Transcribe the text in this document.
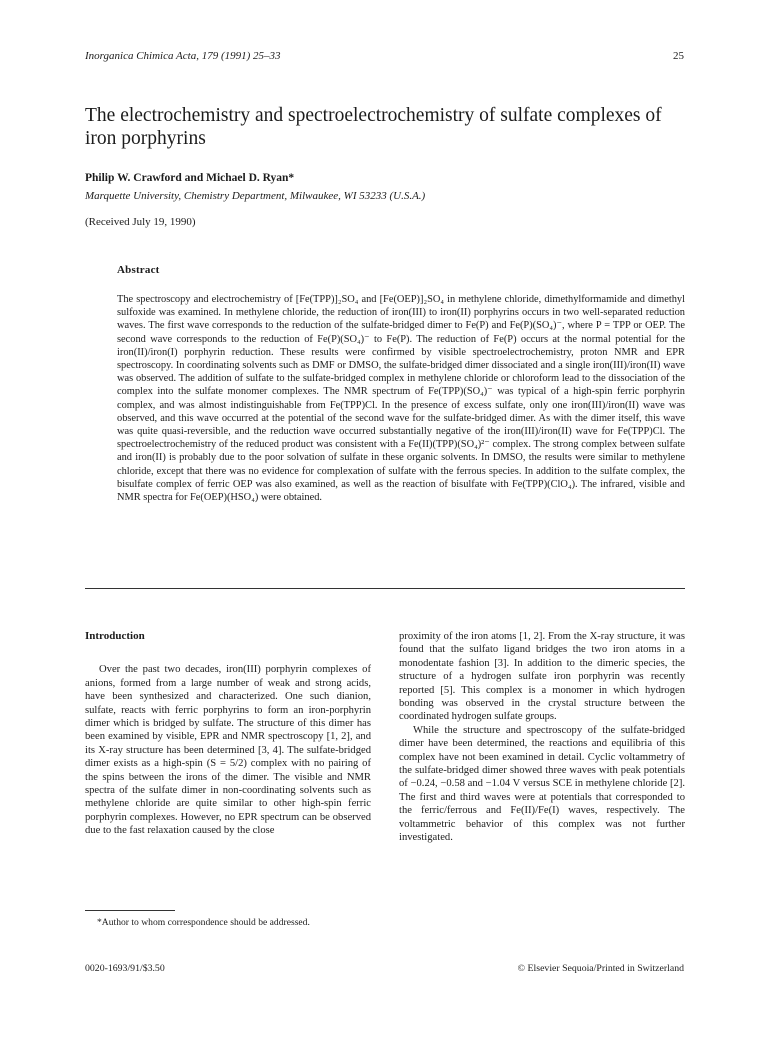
Inorganica Chimica Acta, 179 (1991) 25–33	25
The electrochemistry and spectroelectrochemistry of sulfate complexes of iron porphyrins
Philip W. Crawford and Michael D. Ryan*
Marquette University, Chemistry Department, Milwaukee, WI 53233 (U.S.A.)
(Received July 19, 1990)
Abstract
The spectroscopy and electrochemistry of [Fe(TPP)]₂SO₄ and [Fe(OEP)]₂SO₄ in methylene chloride, dimethylformamide and dimethyl sulfoxide was examined. In methylene chloride, the reduction of iron(III) to iron(II) porphyrins occurs in two well-separated reduction waves. The first wave corresponds to the reduction of the sulfate-bridged dimer to Fe(P) and Fe(P)(SO₄)⁻, where P = TPP or OEP. The second wave corresponds to the reduction of Fe(P)(SO₄)⁻ to Fe(P). The reduction of Fe(P) occurs at the normal potential for the iron(II)/iron(I) porphyrin reduction. These results were confirmed by visible spectroelectrochemistry, proton NMR and EPR spectroscopy. In coordinating solvents such as DMF or DMSO, the sulfate-bridged dimer dissociated and a single iron(III)/iron(II) wave was observed. The addition of sulfate to the sulfate-bridged complex in methylene chloride or chloroform lead to the dissociation of the complex into the sulfate monomer complexes. The NMR spectrum of Fe(TPP)(SO₄)⁻ was typical of a high-spin ferric porphyrin complex, and was almost indistinguishable from Fe(TPP)Cl. In the presence of excess sulfate, only one iron(III)/iron(II) wave was observed, and this wave occurred at the potential of the second wave for the sulfate-bridged dimer. As with the dimer itself, this wave was quite quasi-reversible, and the reduction wave occurred substantially negative of the iron(III)/iron(II) wave for Fe(TPP)Cl. The spectroelectrochemistry of the reduced product was consistent with a Fe(II)(TPP)(SO₄)²⁻ complex. The strong complex between sulfate and iron(II) is probably due to the poor solvation of sulfate in these organic solvents. In DMSO, the results were similar to methylene chloride, except that there was no evidence for complexation of sulfate with the ferrous species. In addition to the sulfate complex, the bisulfate complex of ferric OEP was also examined, as well as the reaction of bisulfate with Fe(TPP)(ClO₄). The infrared, visible and NMR spectra for Fe(OEP)(HSO₄) were obtained.
Introduction

Over the past two decades, iron(III) porphyrin complexes of anions, formed from a large number of weak and strong acids, have been synthesized and characterized. One such dianion, sulfate, reacts with ferric porphyrins to form an iron-porphyrin dimer which is bridged by sulfate. The structure of this dimer has been examined by visible, EPR and NMR spectroscopy [1, 2], and its X-ray structure has been determined [3, 4]. The sulfate-bridged dimer exists as a high-spin (S = 5/2) complex with no pairing of the spins between the irons of the dimer. The visible and NMR spectra of the sulfate dimer in non-coordinating solvents such as methylene chloride are quite similar to other high-spin ferric porphyrin complexes. However, no EPR spectrum can be observed due to the fast relaxation caused by the close

proximity of the iron atoms [1, 2]. From the X-ray structure, it was found that the sulfato ligand bridges the two iron atoms in a monodentate fashion [3]. In addition to the dimeric species, the structure of a hydrogen sulfate iron porphyrin was recently reported [5]. This complex is a monomer in which hydrogen bonding was observed in the crystal structure between the coordinated hydrogen sulfate groups.

While the structure and spectroscopy of the sulfate-bridged dimer have been determined, the reactions and equilibria of this complex have not been examined in detail. Cyclic voltammetry of the sulfate-bridged dimer showed three waves with peak potentials of −0.24, −0.58 and −1.04 V versus SCE in methylene chloride [2]. The first and third waves were at potentials that corresponded to the ferric/ferrous and Fe(II)/Fe(I) waves, respectively. The voltammetric behavior of this complex was not further investigated.

*Author to whom correspondence should be addressed.
0020-1693/91/$3.50	© Elsevier Sequoia/Printed in Switzerland
